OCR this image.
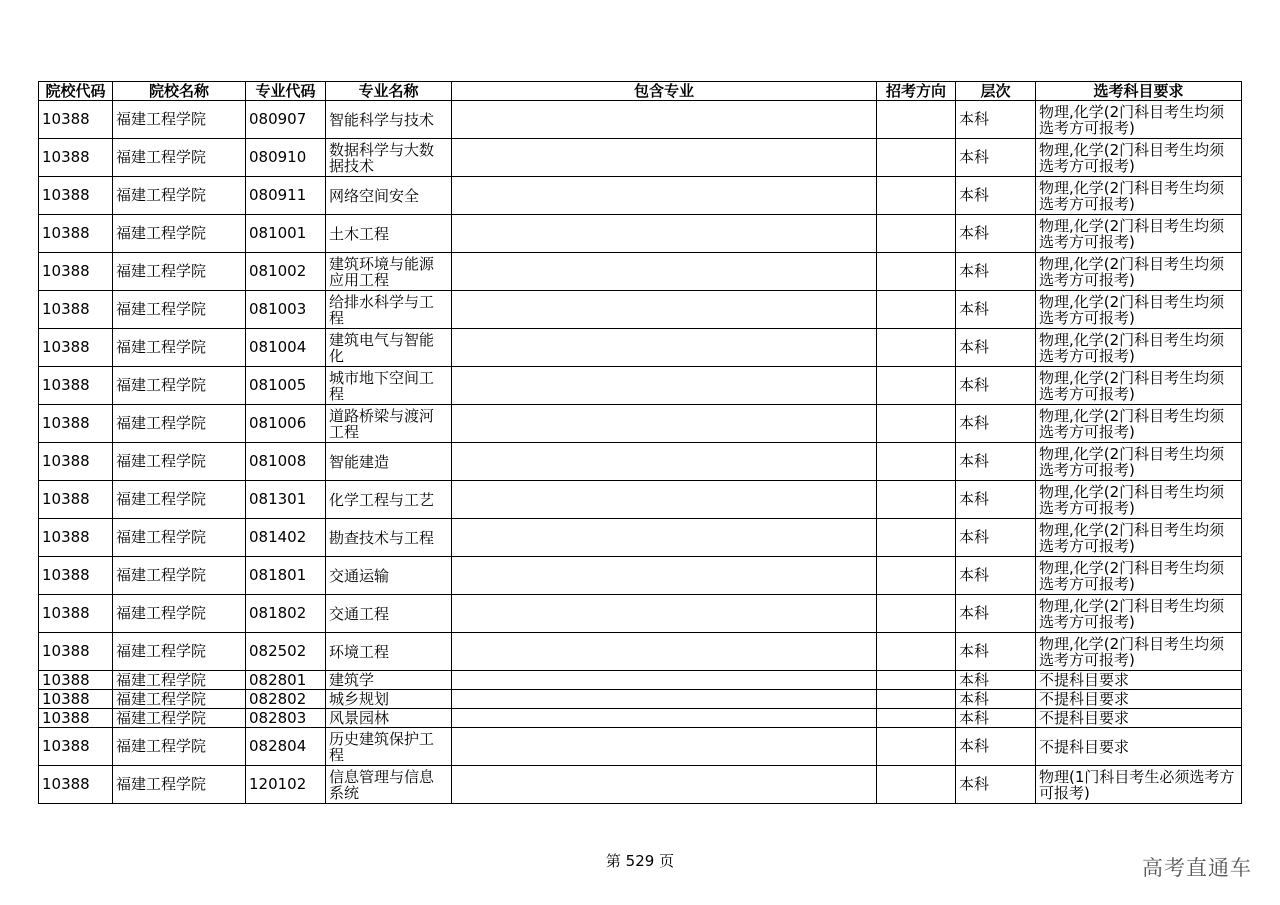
院校代码	院校名称	专业代码	专业名称	包含专业	招考方向	层次	选考科目要求
10388	福建工程学院	080907	智能科学与技术			本科	物理,化学(2门科目考生均须选考方可报考)
10388	福建工程学院	080910	数据科学与大数据技术			本科	物理,化学(2门科目考生均须选考方可报考)
10388	福建工程学院	080911	网络空间安全			本科	物理,化学(2门科目考生均须选考方可报考)
10388	福建工程学院	081001	土木工程			本科	物理,化学(2门科目考生均须选考方可报考)
10388	福建工程学院	081002	建筑环境与能源应用工程			本科	物理,化学(2门科目考生均须选考方可报考)
10388	福建工程学院	081003	给排水科学与工程			本科	物理,化学(2门科目考生均须选考方可报考)
10388	福建工程学院	081004	建筑电气与智能化			本科	物理,化学(2门科目考生均须选考方可报考)
10388	福建工程学院	081005	城市地下空间工程			本科	物理,化学(2门科目考生均须选考方可报考)
10388	福建工程学院	081006	道路桥梁与渡河工程			本科	物理,化学(2门科目考生均须选考方可报考)
10388	福建工程学院	081008	智能建造			本科	物理,化学(2门科目考生均须选考方可报考)
10388	福建工程学院	081301	化学工程与工艺			本科	物理,化学(2门科目考生均须选考方可报考)
10388	福建工程学院	081402	勘查技术与工程			本科	物理,化学(2门科目考生均须选考方可报考)
10388	福建工程学院	081801	交通运输			本科	物理,化学(2门科目考生均须选考方可报考)
10388	福建工程学院	081802	交通工程			本科	物理,化学(2门科目考生均须选考方可报考)
10388	福建工程学院	082502	环境工程			本科	物理,化学(2门科目考生均须选考方可报考)
10388	福建工程学院	082801	建筑学			本科	不提科目要求
10388	福建工程学院	082802	城乡规划			本科	不提科目要求
10388	福建工程学院	082803	风景园林			本科	不提科目要求
10388	福建工程学院	082804	历史建筑保护工程			本科	不提科目要求
10388	福建工程学院	120102	信息管理与信息系统			本科	物理(1门科目考生必须选考方可报考)
第 529 页	高考直通车
